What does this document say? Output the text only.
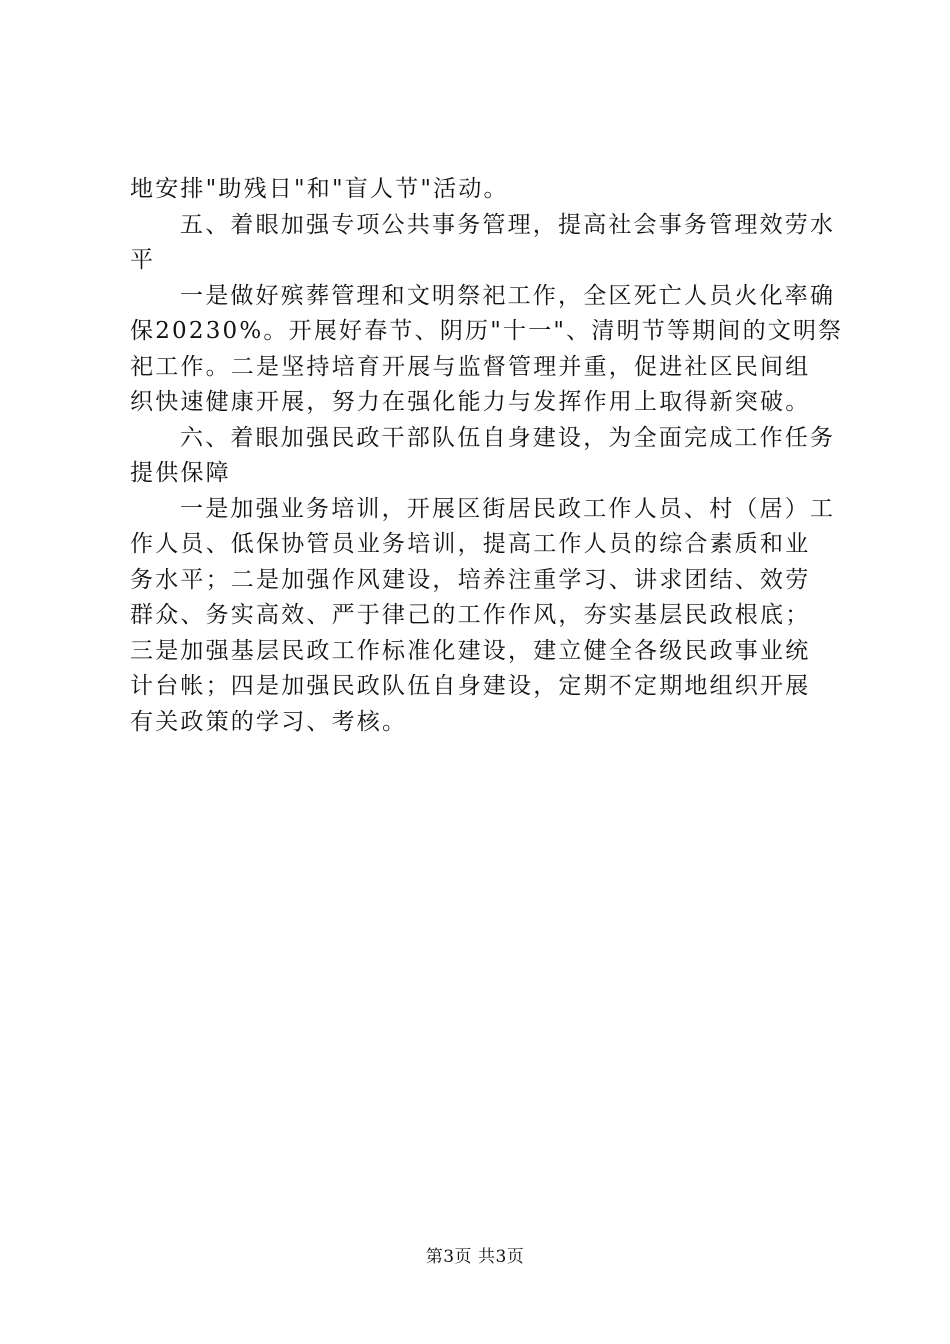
地安排"助残日"和"盲人节"活动。
五、着眼加强专项公共事务管理，提高社会事务管理效劳水
平
一是做好殡葬管理和文明祭祀工作，全区死亡人员火化率确
保20230%。开展好春节、阴历"十一"、清明节等期间的文明祭
祀工作。二是坚持培育开展与监督管理并重，促进社区民间组
织快速健康开展，努力在强化能力与发挥作用上取得新突破。
六、着眼加强民政干部队伍自身建设，为全面完成工作任务
提供保障
一是加强业务培训，开展区街居民政工作人员、村（居）工
作人员、低保协管员业务培训，提高工作人员的综合素质和业
务水平；二是加强作风建设，培养注重学习、讲求团结、效劳
群众、务实高效、严于律己的工作作风，夯实基层民政根底；
三是加强基层民政工作标准化建设，建立健全各级民政事业统
计台帐；四是加强民政队伍自身建设，定期不定期地组织开展
有关政策的学习、考核。
第3页 共3页
